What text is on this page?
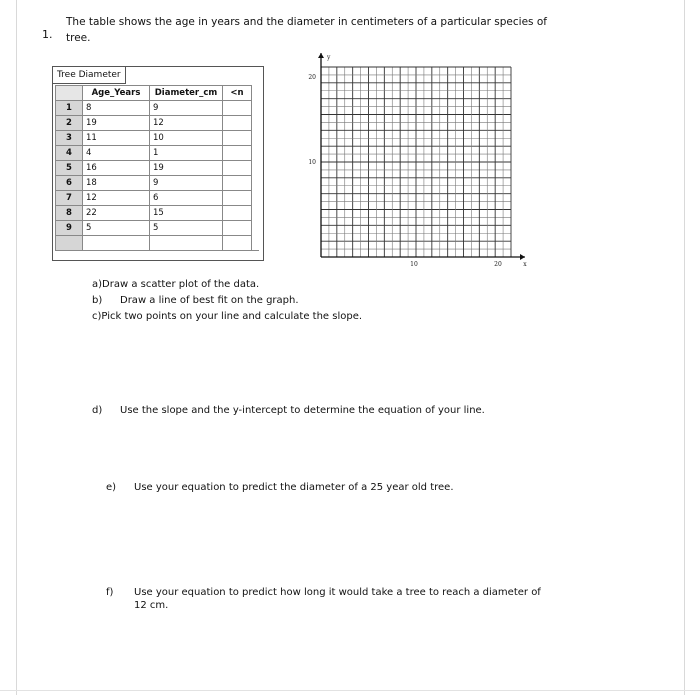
1.
The table shows the age in years and the diameter in centimeters of a particular species of tree.
Tree Diameter
	Age_Years	Diameter_cm	<n
1	8	9	
2	19	12	
3	11	10	
4	4	1	
5	16	19	
6	18	9	
7	12	6	
8	22	15	
9	5	5	

10	20
10
20
x
y
a)Draw a scatter plot of the data.
b) Draw a line of best fit on the graph.
c)Pick two points on your line and calculate the slope.
d) Use the slope and the y-intercept to determine the equation of your line.
e) Use your equation to predict the diameter of a 25 year old tree.
f) Use your equation to predict how long it would take a tree to reach a diameter of 12 cm.
